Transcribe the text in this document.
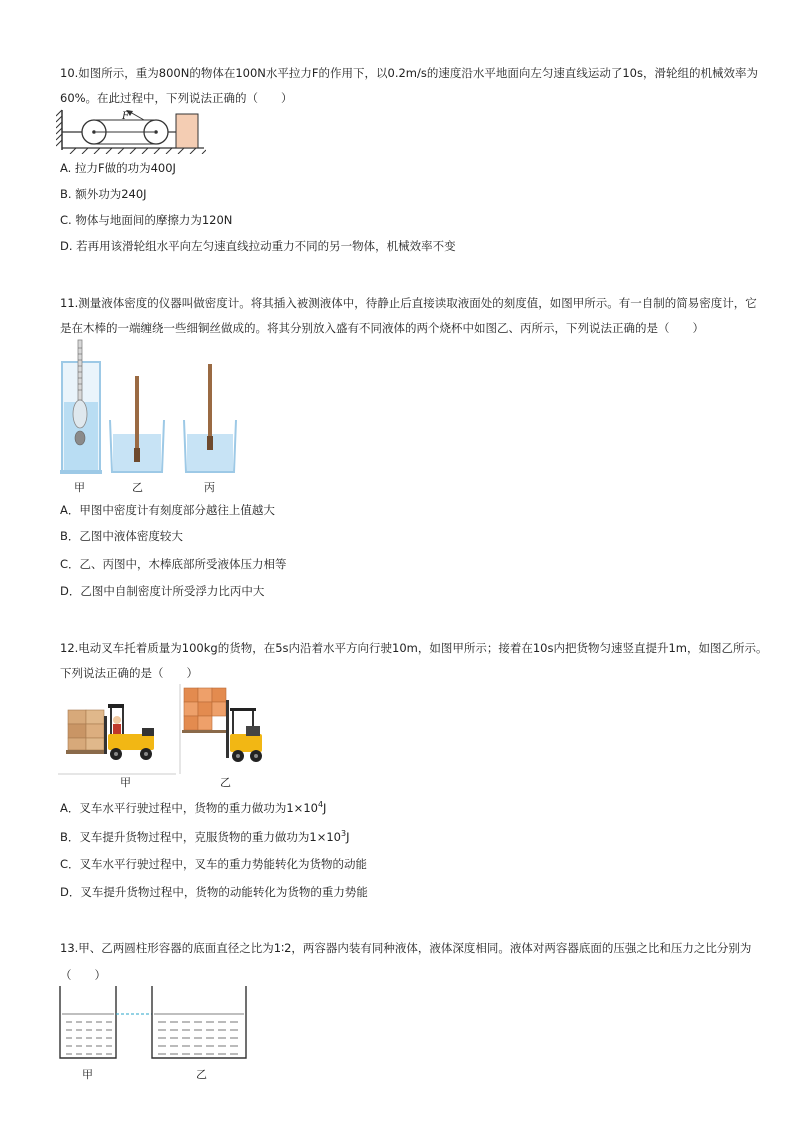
10.如图所示，重为800N的物体在100N水平拉力F的作用下，以0.2m/s的速度沿水平地面向左匀速直线运动了10s，滑轮组的机械效率为
60%。在此过程中，下列说法正确的（　　）
F
A. 拉力F做的功为400J
B. 额外功为240J
C. 物体与地面间的摩擦力为120N
D. 若再用该滑轮组水平向左匀速直线拉动重力不同的另一物体，机械效率不变
11.测量液体密度的仪器叫做密度计。将其插入被测液体中，待静止后直接读取液面处的刻度值，如图甲所示。有一自制的简易密度计，它
是在木棒的一端缠绕一些细铜丝做成的。将其分别放入盛有不同液体的两个烧杯中如图乙、丙所示，下列说法正确的是（　　）
甲	乙	丙
A．甲图中密度计有刻度部分越往上值越大
B．乙图中液体密度较大
C．乙、丙图中，木棒底部所受液体压力相等
D．乙图中自制密度计所受浮力比丙中大
12.电动叉车托着质量为100kg的货物，在5s内沿着水平方向行驶10m，如图甲所示；接着在10s内把货物匀速竖直提升1m，如图乙所示。
下列说法正确的是（　　）
甲	乙
A．叉车水平行驶过程中，货物的重力做功为$1\times 10^4J$
B．叉车提升货物过程中，克服货物的重力做功为$1\times 10^3J$
C．叉车水平行驶过程中，叉车的重力势能转化为货物的动能
D．叉车提升货物过程中，货物的动能转化为货物的重力势能
13.甲、乙两圆柱形容器的底面直径之比为1∶2，两容器内装有同种液体，液体深度相同。液体对两容器底面的压强之比和压力之比分别为
（　　）
甲	乙
